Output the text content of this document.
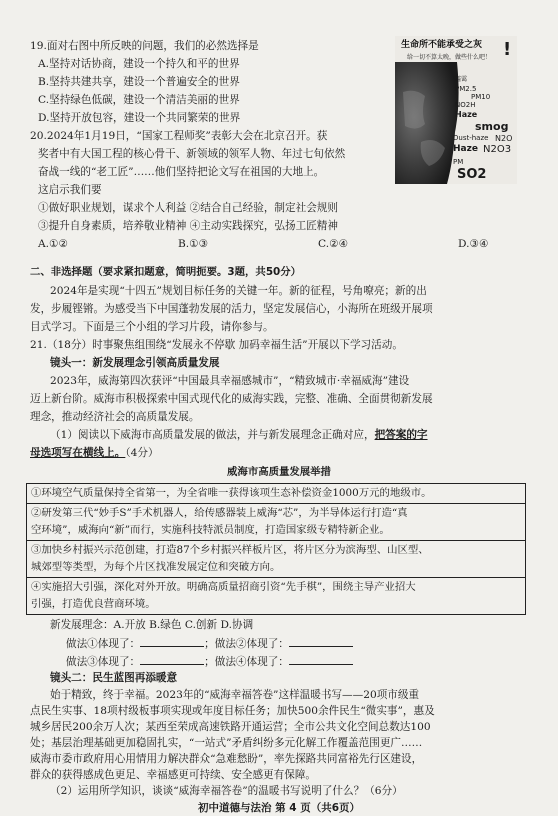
19.面对右图中所反映的问题，我们的必然选择是
A.坚持对话协商，建设一个持久和平的世界
B.坚持共建共享，建设一个普遍安全的世界
C.坚持绿色低碳，建设一个清洁美丽的世界
D.坚持开放包容，建设一个共同繁荣的世界
生命所不能承受之灰 !
给一切不算太晚，做些什么吧！
霾霭
PM2.5
PM10
NO2H
Haze
smog
Dust-haze N2O
Haze N2O3
PM
SO2
20.2024年1月19日，“国家工程师奖”表彰大会在北京召开。获
奖者中有大国工程的核心骨干、新领域的领军人物、年过七旬依然
奋战一线的“老工匠”……他们坚持把论文写在祖国的大地上。
这启示我们要
①做好职业规划，谋求个人利益 ②结合自己经验，制定社会规则
③提升自身素质，培养敬业精神 ④主动实践探究，弘扬工匠精神
A.①②	B.①③	C.②④	D.③④
二、非选择题（要求紧扣题意，简明扼要。3题，共50分）
2024年是实现“十四五”规划目标任务的关键一年。新的征程，号角嘹亮；新的出
发，步履铿锵。为感受当下中国蓬勃发展的活力，坚定发展信心，小海所在班级开展项
目式学习。下面是三个小组的学习片段，请你参与。
21.（18分）时事聚焦组围绕“发展永不停歇 加码幸福生活”开展以下学习活动。
镜头一：新发展理念引领高质量发展
2023年，威海第四次获评“中国最具幸福感城市”，“精致城市·幸福威海”建设
迈上新台阶。威海市积极探索中国式现代化的威海实践，完整、准确、全面贯彻新发展
理念，推动经济社会的高质量发展。
（1）阅读以下威海市高质量发展的做法，并与新发展理念正确对应，把答案的字
母选项写在横线上。（4分）
威海市高质量发展举措
①环境空气质量保持全省第一，为全省唯一获得该项生态补偿资金1000万元的地级市。
②研发第三代“妙手S”手术机器人，给传感器装上威海“芯”，为半导体运行打造“真
空环境”，威海向“新”而行，实施科技特派员制度，打造国家级专精特新企业。
③加快乡村振兴示范创建，打造87个乡村振兴样板片区，将片区分为滨海型、山区型、
城郊型等类型，为每个片区找准发展定位和突破方向。
④实施招大引强，深化对外开放。明确高质量招商引资“先手棋”，围绕主导产业招大
引强，打造优良营商环境。
新发展理念：A.开放 B.绿色 C.创新 D.协调
做法①体现了：	；做法②体现了：
做法③体现了：	；做法④体现了：
镜头二：民生蓝图再添暖意
始于精致，终于幸福。2023年的“威海幸福答卷”这样温暖书写——20项市级重
点民生实事、18项村级板事项实现或年度目标任务；加快500余件民生“微实事”，惠及
城乡居民200余万人次；某西至荣成高速铁路开通运营；全市公共文化空间总数达100
处；基层治理基础更加稳固扎实，“一站式”矛盾纠纷多元化解工作覆盖范围更广……
威海市委市政府用心用情用力解决群众“急难愁盼”，率先探路共同富裕先行区建设，
群众的获得感成色更足、幸福感更可持续、安全感更有保障。
（2）运用所学知识，谈谈“威海幸福答卷”的温暖书写说明了什么？（6分）
初中道德与法治 第 4 页（共6页）
